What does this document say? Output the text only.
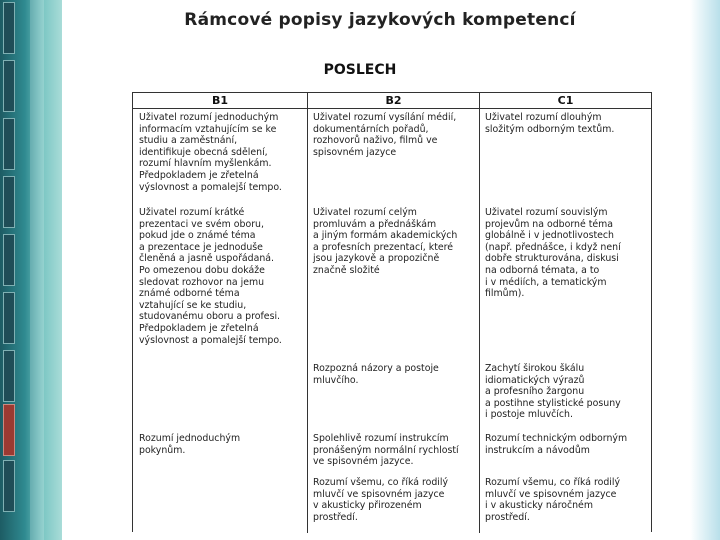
Rámcové popisy jazykových kompetencí
POSLECH
B1	B2	C1
Uživatel rozumí jednoduchým
informacím vztahujícím se ke
studiu a zaměstnání,
identifikuje obecná sdělení,
rozumí hlavním myšlenkám.
Předpokladem je zřetelná
výslovnost a pomalejší tempo.
Uživatel rozumí vysílání médií,
dokumentárních pořadů,
rozhovorů naživo, filmů ve
spisovném jazyce
Uživatel rozumí dlouhým
složitým odborným textům.
Uživatel rozumí krátké
prezentaci ve svém oboru,
pokud jde o známé téma
a prezentace je jednoduše
členěná a jasně uspořádaná.
Po omezenou dobu dokáže
sledovat rozhovor na jemu
známé odborné téma
vztahující se ke studiu,
studovanému oboru a profesi.
Předpokladem je zřetelná
výslovnost a pomalejší tempo.
Uživatel rozumí celým
promluvám a přednáškám
a jiným formám akademických
a profesních prezentací, které
jsou jazykově a propozičně
značně složité
Uživatel rozumí souvislým
projevům na odborné téma
globálně i v jednotlivostech
(např. přednášce, i když není
dobře strukturována, diskusi
na odborná témata, a to
i v médiích, a tematickým
filmům).
Rozpozná názory a postoje
mluvčího.
Zachytí širokou škálu
idiomatických výrazů
a profesního žargonu
a postihne stylistické posuny
i postoje mluvčích.
Rozumí jednoduchým
pokynům.
Spolehlivě rozumí instrukcím
pronášeným normální rychlostí
ve spisovném jazyce.
Rozumí technickým odborným
instrukcím a návodům
Rozumí všemu, co říká rodilý
mluvčí ve spisovném jazyce
v akusticky přirozeném
prostředí.
Rozumí všemu, co říká rodilý
mluvčí ve spisovném jazyce
i v akusticky náročném
prostředí.
